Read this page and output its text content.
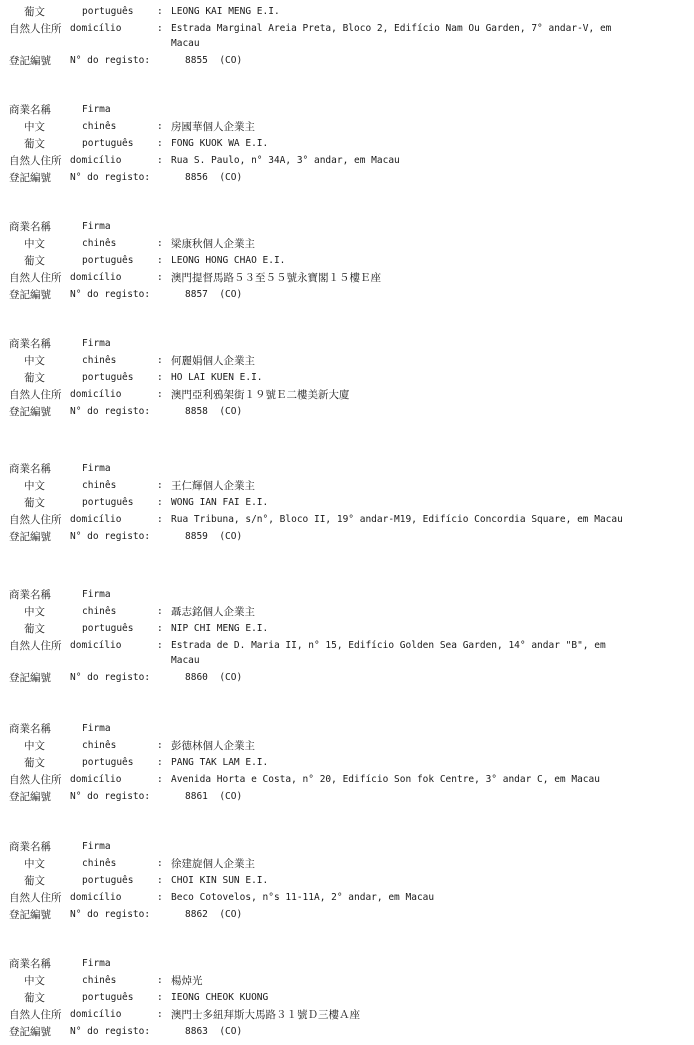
葡文	português : LEONG KAI MENG E.I.
自然人住所 domicílio	: Estrada Marginal Areia Preta, Bloco 2, Edifício Nam Ou Garden, 7° andar-V, em
Macau
登記編號 N° do registo:	8855  (CO)
商業名稱	Firma
中文	chinês	: 房國華個人企業主
葡文	português : FONG KUOK WA E.I.
自然人住所 domicílio	: Rua S. Paulo, n° 34A, 3° andar, em Macau
登記編號 N° do registo:	8856  (CO)
商業名稱	Firma
中文	chinês	: 梁康秋個人企業主
葡文	português : LEONG HONG CHAO E.I.
自然人住所 domicílio	: 澳門提督馬路５３至５５號永寶閣１５樓Ｅ座
登記編號 N° do registo:	8857  (CO)
商業名稱	Firma
中文	chinês	: 何麗娟個人企業主
葡文	português : HO LAI KUEN E.I.
自然人住所 domicílio	: 澳門亞利鴉架街１９號Ｅ二樓美新大廈
登記編號 N° do registo:	8858  (CO)
商業名稱	Firma
中文	chinês	: 王仁輝個人企業主
葡文	português : WONG IAN FAI E.I.
自然人住所 domicílio	: Rua Tribuna, s/n°, Bloco II, 19° andar-M19, Edifício Concordia Square, em Macau
登記編號 N° do registo:	8859  (CO)
商業名稱	Firma
中文	chinês	: 聶志銘個人企業主
葡文	português : NIP CHI MENG E.I.
自然人住所 domicílio	: Estrada de D. Maria II, n° 15, Edifício Golden Sea Garden, 14° andar "B", em
Macau
登記編號 N° do registo:	8860  (CO)
商業名稱	Firma
中文	chinês	: 彭德林個人企業主
葡文	português : PANG TAK LAM E.I.
自然人住所 domicílio	: Avenida Horta e Costa, n° 20, Edifício Son fok Centre, 3° andar C, em Macau
登記編號 N° do registo:	8861  (CO)
商業名稱	Firma
中文	chinês	: 徐建旋個人企業主
葡文	português : CHOI KIN SUN E.I.
自然人住所 domicílio	: Beco Cotovelos, n°s 11-11A, 2° andar, em Macau
登記編號 N° do registo:	8862  (CO)
商業名稱	Firma
中文	chinês	: 楊焯光
葡文	português : IEONG CHEOK KUONG
自然人住所 domicílio	: 澳門士多紐拜斯大馬路３１號Ｄ三樓Ａ座
登記編號 N° do registo:	8863  (CO)
